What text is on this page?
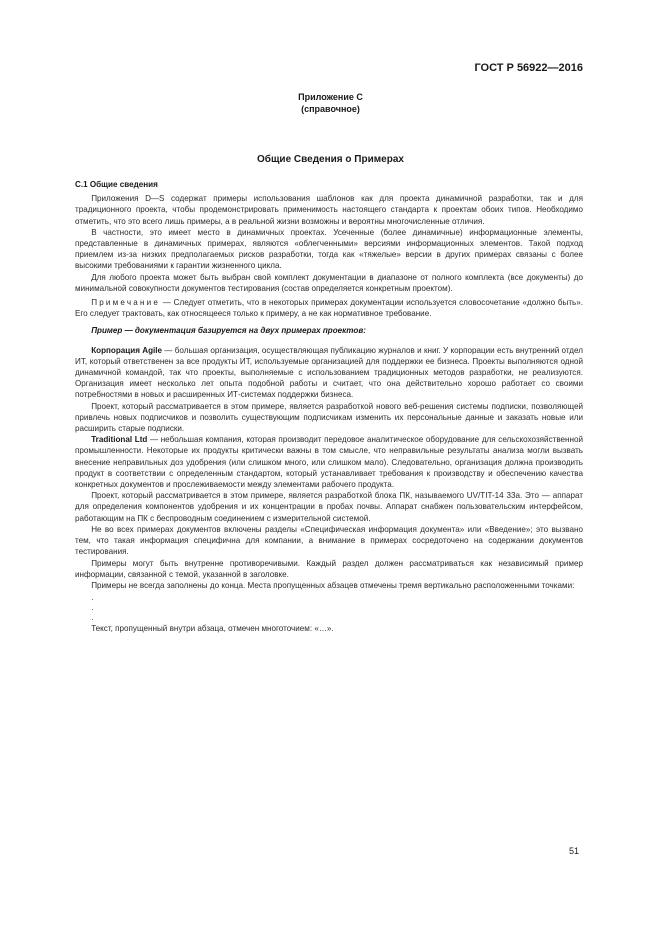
ГОСТ Р 56922—2016
Приложение С
(справочное)
Общие Сведения о Примерах
С.1 Общие сведения

  Приложения D—S содержат примеры использования шаблонов как для проекта динамичной разработки, так и для традиционного проекта, чтобы продемонстрировать применимость настоящего стандарта к проектам обоих типов. Необходимо отметить, что это всего лишь примеры, а в реальной жизни возможны и вероятны многочисленные отличия.

  В частности, это имеет место в динамичных проектах. Усеченные (более динамичные) информационные элементы, представленные в динамичных примерах, являются «облегченными» версиями информационных элементов. Такой подход приемлем из-за низких предполагаемых рисков разработки, тогда как «тяжелые» версии в других примерах связаны с более высокими требованиями к гарантии жизненного цикла.

  Для любого проекта может быть выбран свой комплект документации в диапазоне от полного комплекта (все документы) до минимальной совокупности документов тестирования (состав определяется конкретным проектом).

  Примечание — Следует отметить, что в некоторых примерах документации используется словосочетание «должно быть». Его следует трактовать, как относящееся только к примеру, а не как нормативное требование.

  Пример — документация базируется на двух примерах проектов:

  Корпорация Agile — большая организация, осуществляющая публикацию журналов и книг. У корпорации есть внутренний отдел ИТ, который ответственен за все продукты ИТ, используемые организацией для поддержки ее бизнеса. Проекты выполняются одной динамичной командой, так что проекты, выполняемые с использованием традиционных методов разработки, не реализуются. Организация имеет несколько лет опыта подобной работы и считает, что она действительно хорошо работает со своими потребностями в новых и расширенных ИТ-системах поддержки бизнеса.

  Проект, который рассматривается в этом примере, является разработкой нового веб-решения системы подписки, позволяющей привлечь новых подписчиков и позволить существующим подписчикам изменить их персональные данные и заказать новые или расширить старые подписки.

  Traditional Ltd — небольшая компания, которая производит передовое аналитическое оборудование для сельскохозяйственной промышленности. Некоторые их продукты критически важны в том смысле, что неправильные результаты анализа могли вызвать внесение неправильных доз удобрения (или слишком много, или слишком мало). Следовательно, организация должна производить продукт в соответствии с определенным стандартом, который устанавливает требования к производству и обеспечению качества конкретных документов и прослеживаемости между элементами рабочего продукта.

  Проект, который рассматривается в этом примере, является разработкой блока ПК, называемого UV/TIT-14 33a. Это — аппарат для определения компонентов удобрения и их концентрации в пробах почвы. Аппарат снабжен пользовательским интерфейсом, работающим на ПК с беспроводным соединением с измерительной системой.

  Не во всех примерах документов включены разделы «Специфическая информация документа» или «Введение»; это вызвано тем, что такая информация специфична для компании, а внимание в примерах сосредоточено на содержании документов тестирования.

  Примеры могут быть внутренне противоречивыми. Каждый раздел должен рассматриваться как независимый пример информации, связанной с темой, указанной в заголовке.

  Примеры не всегда заполнены до конца. Места пропущенных абзацев отмечены тремя вертикально расположенными точками:

  .
  .
  .

  Текст, пропущенный внутри абзаца, отмечен многоточием: «…».

51
